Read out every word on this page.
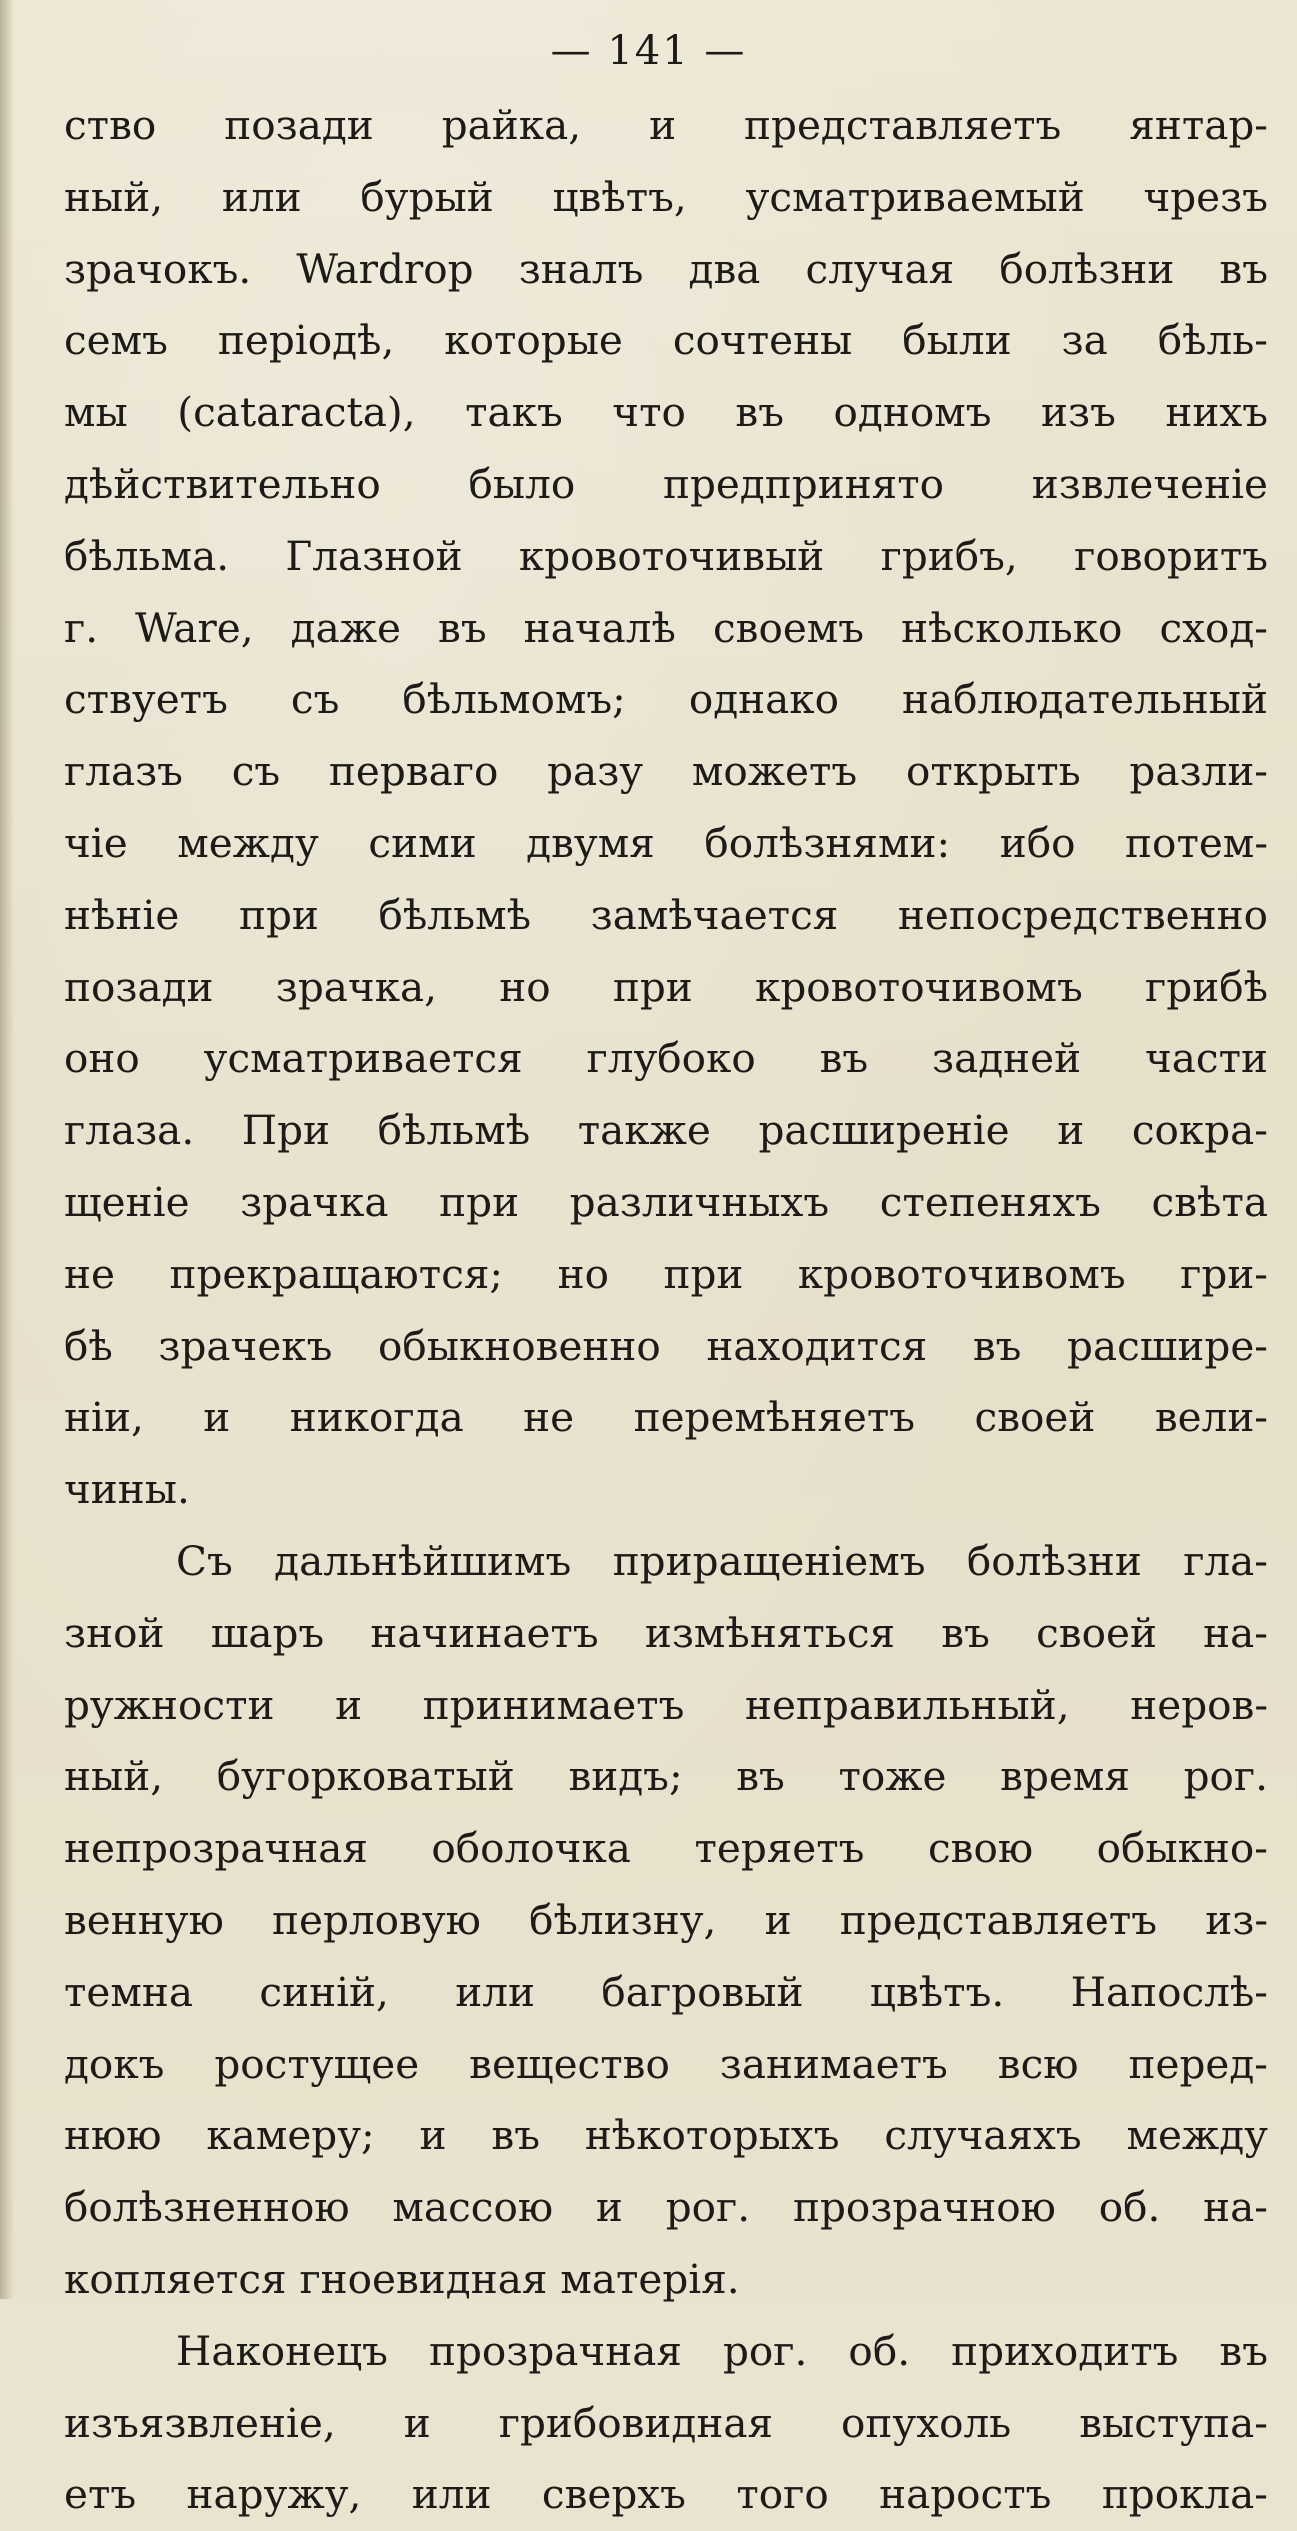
— 141 —
ство позади райка, и представляетъ янтар-
ный, или бурый цвѣтъ, усматриваемый чрезъ
зрачокъ. Wardrop зналъ два случая болѣзни въ
семъ періодѣ, которые сочтены были за бѣль-
мы (cataracta), такъ что въ одномъ изъ нихъ
дѣйствительно было предпринято извлеченіе
бѣльма. Глазной кровоточивый грибъ, говоритъ
г. Ware, даже въ началѣ своемъ нѣсколько сход-
ствуетъ съ бѣльмомъ; однако наблюдательный
глазъ съ перваго разу можетъ открыть разли-
чіе между сими двумя болѣзнями: ибо потем-
нѣніе при бѣльмѣ замѣчается непосредственно
позади зрачка, но при кровоточивомъ грибѣ
оно усматривается глубоко въ задней части
глаза. При бѣльмѣ также расширеніе и сокра-
щеніе зрачка при различныхъ степеняхъ свѣта
не прекращаются; но при кровоточивомъ гри-
бѣ зрачекъ обыкновенно находится въ расшире-
ніи, и никогда не перемѣняетъ своей вели-
чины.
Съ дальнѣйшимъ приращеніемъ болѣзни гла-
зной шаръ начинаетъ измѣняться въ своей на-
ружности и принимаетъ неправильный, неров-
ный, бугорковатый видъ; въ тоже время рог.
непрозрачная оболочка теряетъ свою обыкно-
венную перловую бѣлизну, и представляетъ из-
темна синій, или багровый цвѣтъ. Напослѣ-
докъ ростущее вещество занимаетъ всю перед-
нюю камеру; и въ нѣкоторыхъ случаяхъ между
болѣзненною массою и рог. прозрачною об. на-
копляется гноевидная матерія.
Наконецъ прозрачная рог. об. приходитъ въ
изъязвленіе, и грибовидная опухоль выступа-
етъ наружу, или сверхъ того наростъ прокла-
